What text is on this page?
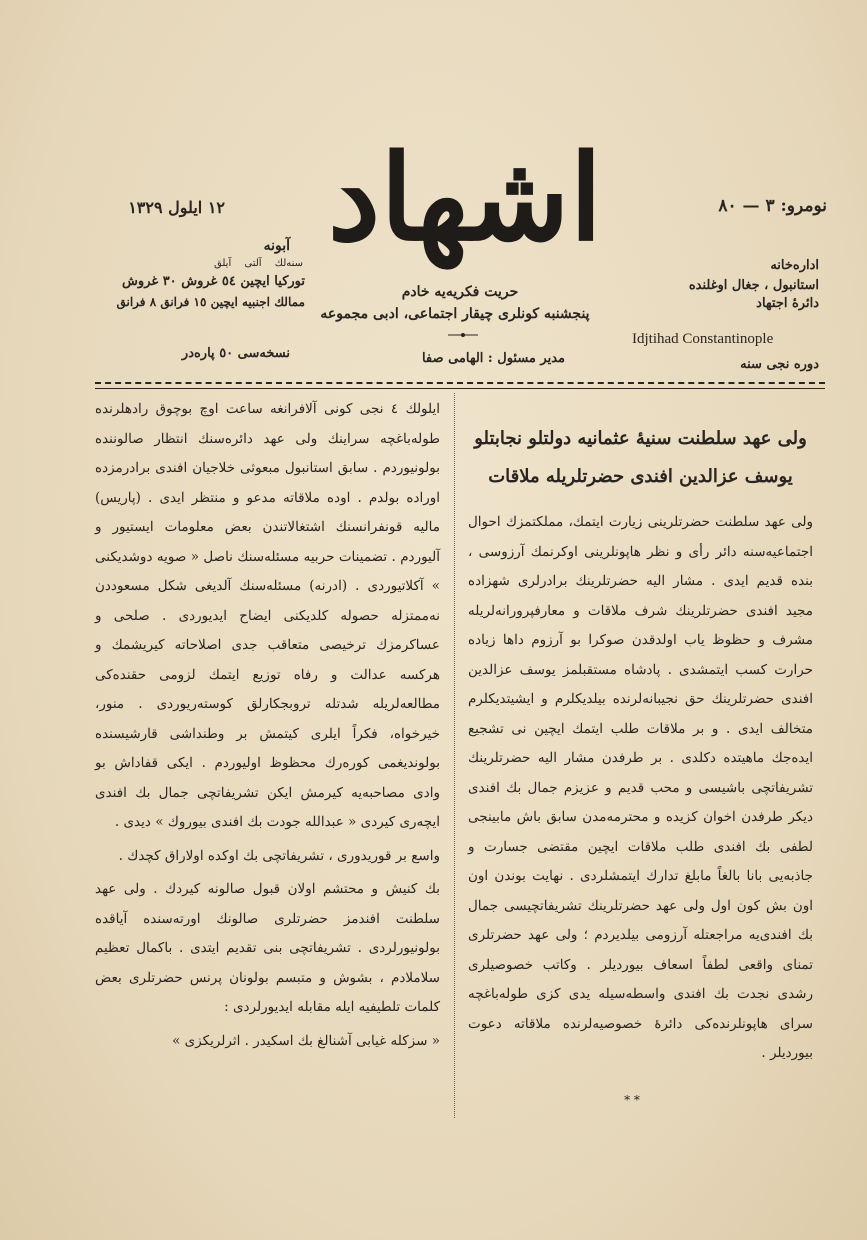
اشهاد	نومرو: ٣ — ٨٠
١٢ ايلول ١٣٢٩
آبونه
سنه‌لك آلتی آيلق
توركيا ايچين ٥٤ غروش ٣٠ غروش
ممالك اجنبيه ايچين ١٥ فرانق ٨ فرانق
نسخه‌سی ٥٠ پاره‌در
حريت فكريه‌يه خادم
پنجشنبه كونلری چيقار اجتماعی، ادبی مجموعه
مدير مسئول : الهامی صفا
اداره‌خانه
استانبول ، جغال اوغلنده
دائرهٔ اجتهاد
Idjtihad Constantinople
دوره‌ نجی سنه
ولی عهد سلطنت سنيهٔ عثمانيه دولتلو نجابتلو
يوسف عزالدين افندی حضرتلريله ملاقات

ولی عهد سلطنت حضرتلرينی زيارت ايتمك، مملكتمزك احوال اجتماعيه‌سنه دائر رأی و نظر هاپونلرينی اوكرنمك آرزوسی ، بنده قديم ايدی . مشار اليه حضرتلرينك برادرلری شهزاده مجيد افندی حضرتلرينك شرف ملاقات و معارفپرورانه‌لريله مشرف و حظوظ ياب اولدقدن صوكرا بو آرزوم داها زياده حرارت كسب ايتمشدی . پادشاه مستقبلمز يوسف عزالدين افندی حضرتلرينك حق نجيبانه‌لرنده بيلديكلرم و ايشيتديكلرم متخالف ايدی . و بر ملاقات طلب ايتمك ايچين نی تشجيع ايده‌جك ماهيتده دكلدی . بر طرفدن مشار اليه حضرتلرينك تشريفاتچی باشيسی و محب قديم و عزيزم جمال بك افندی ديكر طرفدن اخوان كزيده و محترمه‌مدن سابق باش مابينجی لطفی بك افندی طلب ملاقات ايچين مقتضی جسارت و جاذبه‌يی بانا بالغاً مابلغ تدارك ايتمشلردی . نهايت بوندن اون اون بش كون اول ولی عهد حضرتلرينك تشريفاتچيسی جمال بك افندی‌يه مراجعتله آرزومی بيلديردم ؛ ولی عهد حضرتلری تمنای واقعی لطفاً اسعاف بيورديلر . وكاتب خصوصيلری رشدی نجدت بك افندی واسطه‌سيله يدی كزی طوله‌باغچه سرای هاپونلرنده‌كی دائرهٔ خصوصيه‌لرنده ملاقاته دعوت بيورديلر .

* *

ايلولك ٤ نجی كونی آلافرانغه ساعت اوچ بوچوق رادهلرنده طوله‌باغچه سراينك ولی عهد دائره‌سنك انتظار صالوننده بولونيوردم . سابق استانبول مبعوثی خلاجيان افندی برادرمزده اوراده بولدم . اوده ملاقاته مدعو و منتظر ايدی . (پاريس) ماليه قونفرانسنك اشتغالاتندن بعض معلومات ايستيور و آليوردم . تضمينات حربيه مسئله‌سنك ناصل « صويه دوشديكنی » آكلاتيوردی . (ادرنه) مسئله‌سنك آلديغی شكل مسعوددن نه‌ممتزله حصوله كلديكنی ايضاح ايديوردی . صلحی و عساكرمزك ترخيصی متعاقب جدی اصلاحاته كيريشمك و هركسه عدالت و رفاه توزيع ايتمك لزومی حقنده‌كی مطالعه‌لريله شدتله تروبجكارلق كوسته‌ريوردی . منور، خيرخواه، فكراً ايلری كيتمش بر وطنداشی قارشيسنده بولونديغمی كوره‌رك محظوظ اوليوردم . ايكی قفاداش بو وادی مصاحبه‌يه كيرمش ايكن تشريفاتچی جمال بك افندی ايچه‌ری كيردی « عبدالله جودت بك افندی بيوروك » ديدی .

واسع بر قوريدوری ، تشريفاتچی بك اوكده اولاراق كچدك .

بك كنيش و محتشم اولان قبول صالونه كيردك . ولی عهد سلطنت افندمز حضرتلری صالونك اورته‌سنده آياقده بولونيورلردی . تشريفاتچی بنی تقديم ايتدی . باكمال تعظيم سلاملادم ، بشوش و متبسم بولونان پرنس حضرتلری بعض كلمات تلطيفيه ايله مقابله ايديورلردی :

« سزكله غيابی آشنالغ بك اسكيدر . اثرلريكزی »
